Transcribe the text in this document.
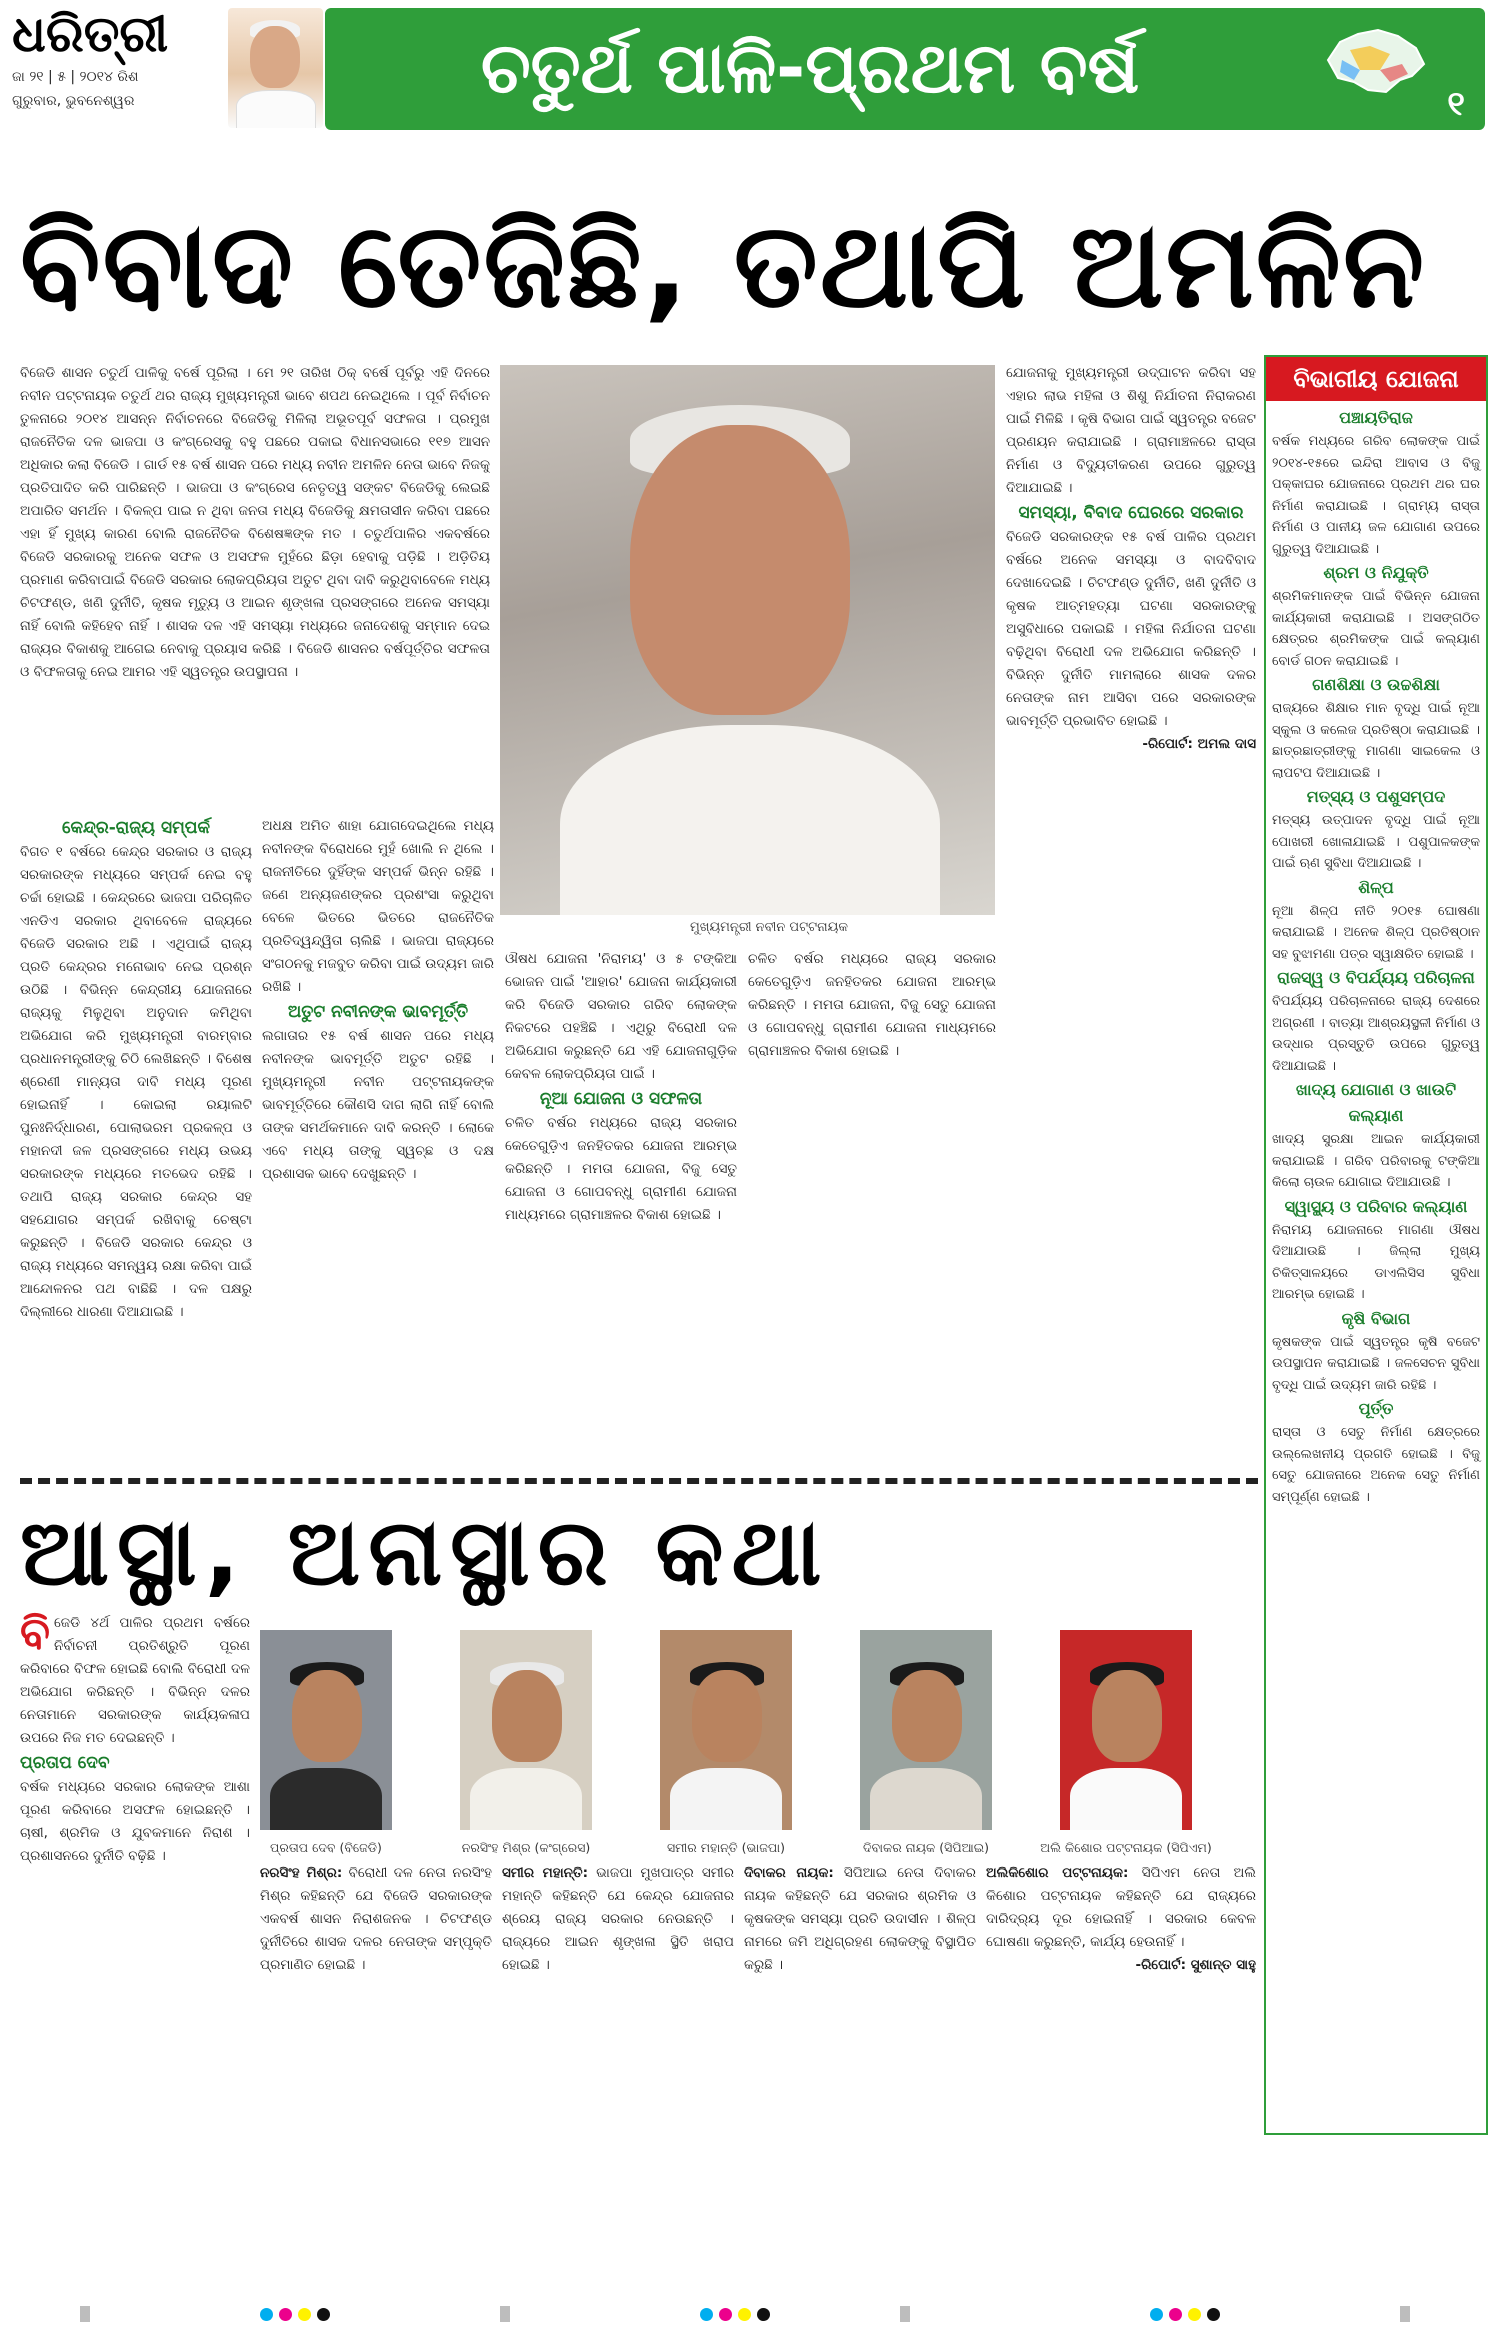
ଧରିତ୍ରୀ
ଜା ୨୧ | ୫ | ୨୦୧୪ ରିଶ
ଗୁରୁବାର, ଭୁବନେଶ୍ୱର	ଚତୁର୍ଥ ପାଳି-ପ୍ରଥମ ବର୍ଷ	୧
ବିବାଦ ତେଜିଛି, ତଥାପି ଅମଳିନ
ବିଜେଡି ଶାସନ ଚତୁର୍ଥ ପାଳିକୁ ବର୍ଷେ ପୂରିଲା । ମେ ୨୧ ତାରିଖ ଠିକ୍ ବର୍ଷେ ପୂର୍ବରୁ ଏହି ଦିନରେ ନବୀନ ପଟ୍ଟନାୟକ ଚତୁର୍ଥ ଥର ରାଜ୍ୟ ମୁଖ୍ୟମନ୍ତ୍ରୀ ଭାବେ ଶପଥ ନେଇଥିଲେ । ପୂର୍ବ ନିର୍ବାଚନ ତୁଳନାରେ ୨୦୧୪ ଆସନ୍ନ ନିର୍ବାଚନରେ ବିଜେଡିକୁ ମିଳିଲା ଅଭୂତପୂର୍ବ ସଫଳତା । ପ୍ରମୁଖ ରାଜନୈତିକ ଦଳ ଭାଜପା ଓ କଂଗ୍ରେସକୁ ବହୁ ପଛରେ ପକାଇ ବିଧାନସଭାରେ ୧୧୭ ଆସନ ଅଧିକାର କଲା ବିଜେଡି । ଗାର୍ଡ ୧୫ ବର୍ଷ ଶାସନ ପରେ ମଧ୍ୟ ନବୀନ ଅମଳିନ ନେତା ଭାବେ ନିଜକୁ ପ୍ରତିପାଦିତ କରି ପାରିଛନ୍ତି । ଭାଜପା ଓ କଂଗ୍ରେସ ନେତୃତ୍ୱ ସଙ୍କଟ ବିଜେଡିକୁ ଲେଇଛି ଅପାରିତ ସମର୍ଥନ । ବିକଳ୍ପ ପାଇ ନ ଥିବା ଜନତା ମଧ୍ୟ ବିଜେଡିକୁ କ୍ଷମତାସୀନ କରିବା ପଛରେ ଏହା ହିଁ ମୁଖ୍ୟ କାରଣ ବୋଲି ରାଜନୈତିକ ବିଶେଷଜ୍ଞଙ୍କ ମତ । ଚତୁର୍ଥପାଳିର ଏକବର୍ଷରେ ବିଜେଡି ସରକାରକୁ ଅନେକ ସଫଳ ଓ ଅସଫଳ ମୁହଁରେ ଛିଡ଼ା ହେବାକୁ ପଡ଼ିଛି । ଅଡ଼ିତିୟ ପ୍ରମାଣ କରିବାପାଇଁ ବିଜେଡି ସରକାର ଲୋକପ୍ରିୟତା ଅତୁଟ ଥିବା ଦାବି କରୁଥିବାବେଳେ ମଧ୍ୟ ଚିଟଫଣ୍ଡ, ଖଣି ଦୁର୍ନୀତି, କୃଷକ ମୃତ୍ୟୁ ଓ ଆଇନ ଶୃଙ୍ଖଳା ପ୍ରସଙ୍ଗରେ ଅନେକ ସମସ୍ୟା ନାହିଁ ବୋଲି କହିହେବ ନାହିଁ । ଶାସକ ଦଳ ଏହି ସମସ୍ୟା ମଧ୍ୟରେ ଜନାଦେଶକୁ ସମ୍ମାନ ଦେଇ ରାଜ୍ୟର ବିକାଶକୁ ଆଗେଇ ନେବାକୁ ପ୍ରୟାସ କରିଛି । ବିଜେଡି ଶାସନର ବର୍ଷପୂର୍ତ୍ତିର ସଫଳତା ଓ ବିଫଳତାକୁ ନେଇ ଆମର ଏହି ସ୍ୱତନ୍ତ୍ର ଉପସ୍ଥାପନା ।
ମୁଖ୍ୟମନ୍ତ୍ରୀ ନବୀନ ପଟ୍ଟନାୟକ
କେନ୍ଦ୍ର-ରାଜ୍ୟ ସମ୍ପର୍କ
ବିଗତ ୧ ବର୍ଷରେ କେନ୍ଦ୍ର ସରକାର ଓ ରାଜ୍ୟ ସରକାରଙ୍କ ମଧ୍ୟରେ ସମ୍ପର୍କ ନେଇ ବହୁ ଚର୍ଚ୍ଚା ହୋଇଛି । କେନ୍ଦ୍ରରେ ଭାଜପା ପରିଚାଳିତ ଏନଡିଏ ସରକାର ଥିବାବେଳେ ରାଜ୍ୟରେ ବିଜେଡି ସରକାର ଅଛି । ଏଥିପାଇଁ ରାଜ୍ୟ ପ୍ରତି କେନ୍ଦ୍ରର ମନୋଭାବ ନେଇ ପ୍ରଶ୍ନ ଉଠିଛି । ବିଭିନ୍ନ କେନ୍ଦ୍ରୀୟ ଯୋଜନାରେ ରାଜ୍ୟକୁ ମିଳୁଥିବା ଅନୁଦାନ କମିଥିବା ଅଭିଯୋଗ କରି ମୁଖ୍ୟମନ୍ତ୍ରୀ ବାରମ୍ବାର ପ୍ରଧାନମନ୍ତ୍ରୀଙ୍କୁ ଚିଠି ଲେଖିଛନ୍ତି । ବିଶେଷ ଶ୍ରେଣୀ ମାନ୍ୟତା ଦାବି ମଧ୍ୟ ପୂରଣ ହୋଇନାହିଁ । କୋଇଲା ରୟାଲଟି ପୁନଃନିର୍ଦ୍ଧାରଣ, ପୋଲାଭରମ ପ୍ରକଳ୍ପ ଓ ମହାନଦୀ ଜଳ ପ୍ରସଙ୍ଗରେ ମଧ୍ୟ ଉଭୟ ସରକାରଙ୍କ ମଧ୍ୟରେ ମତଭେଦ ରହିଛି । ତଥାପି ରାଜ୍ୟ ସରକାର କେନ୍ଦ୍ର ସହ ସହଯୋଗର ସମ୍ପର୍କ ରଖିବାକୁ ଚେଷ୍ଟା କରୁଛନ୍ତି । ବିଜେଡି ସରକାର କେନ୍ଦ୍ର ଓ ରାଜ୍ୟ ମଧ୍ୟରେ ସମନ୍ୱୟ ରକ୍ଷା କରିବା ପାଇଁ ଆନ୍ଦୋଳନର ପଥ ବାଛିଛି । ଦଳ ପକ୍ଷରୁ ଦିଲ୍ଲୀରେ ଧାରଣା ଦିଆଯାଇଛି ।
ଅଧକ୍ଷ ଅମିତ ଶାହା ଯୋଗଦେଇଥିଲେ ମଧ୍ୟ ନବୀନଙ୍କ ବିରୋଧରେ ମୁହଁ ଖୋଲି ନ ଥିଲେ । ରାଜନୀତିରେ ଦୁହିଁଙ୍କ ସମ୍ପର୍କ ଭିନ୍ନ ରହିଛି । ଜଣେ ଅନ୍ୟଜଣଙ୍କର ପ୍ରଶଂସା କରୁଥିବା ବେଳେ ଭିତରେ ଭିତରେ ରାଜନୈତିକ ପ୍ରତିଦ୍ୱନ୍ଦ୍ୱିତା ଚାଲିଛି । ଭାଜପା ରାଜ୍ୟରେ ସଂଗଠନକୁ ମଜବୁତ କରିବା ପାଇଁ ଉଦ୍ୟମ ଜାରି ରଖିଛି ।
ଅତୁଟ ନବୀନଙ୍କ ଭାବମୂର୍ତ୍ତି
ଲଗାତାର ୧୫ ବର୍ଷ ଶାସନ ପରେ ମଧ୍ୟ ନବୀନଙ୍କ ଭାବମୂର୍ତ୍ତି ଅତୁଟ ରହିଛି । ମୁଖ୍ୟମନ୍ତ୍ରୀ ନବୀନ ପଟ୍ଟନାୟକଙ୍କ ଭାବମୂର୍ତ୍ତିରେ କୌଣସି ଦାଗ ଲାଗି ନାହିଁ ବୋଲି ତାଙ୍କ ସମର୍ଥକମାନେ ଦାବି କରନ୍ତି । ଲୋକେ ଏବେ ମଧ୍ୟ ତାଙ୍କୁ ସ୍ୱଚ୍ଛ ଓ ଦକ୍ଷ ପ୍ରଶାସକ ଭାବେ ଦେଖୁଛନ୍ତି ।
ଔଷଧ ଯୋଜନା 'ନିରାମୟ' ଓ ୫ ଟଙ୍କିଆ ଭୋଜନ ପାଇଁ 'ଆହାର' ଯୋଜନା କାର୍ଯ୍ୟକାରୀ କରି ବିଜେଡି ସରକାର ଗରିବ ଲୋକଙ୍କ ନିକଟରେ ପହଞ୍ଚିଛି । ଏଥିରୁ ବିରୋଧୀ ଦଳ ଅଭିଯୋଗ କରୁଛନ୍ତି ଯେ ଏହି ଯୋଜନାଗୁଡ଼ିକ କେବଳ ଲୋକପ୍ରିୟତା ପାଇଁ ।
ନୂଆ ଯୋଜନା ଓ ସଫଳତା
ଚଳିତ ବର୍ଷର ମଧ୍ୟରେ ରାଜ୍ୟ ସରକାର କେତେଗୁଡ଼ିଏ ଜନହିତକର ଯୋଜନା ଆରମ୍ଭ କରିଛନ୍ତି । ମମତା ଯୋଜନା, ବିଜୁ ସେତୁ ଯୋଜନା ଓ ଗୋପବନ୍ଧୁ ଗ୍ରାମୀଣ ଯୋଜନା ମାଧ୍ୟମରେ ଗ୍ରାମାଞ୍ଚଳର ବିକାଶ ହୋଇଛି ।
ଚଳିତ ବର୍ଷର ମଧ୍ୟରେ ରାଜ୍ୟ ସରକାର କେତେଗୁଡ଼ିଏ ଜନହିତକର ଯୋଜନା ଆରମ୍ଭ କରିଛନ୍ତି । ମମତା ଯୋଜନା, ବିଜୁ ସେତୁ ଯୋଜନା ଓ ଗୋପବନ୍ଧୁ ଗ୍ରାମୀଣ ଯୋଜନା ମାଧ୍ୟମରେ ଗ୍ରାମାଞ୍ଚଳର ବିକାଶ ହୋଇଛି ।
ଯୋଜନାକୁ ମୁଖ୍ୟମନ୍ତ୍ରୀ ଉଦ୍‌ଘାଟନ କରିବା ସହ ଏହାର ଲାଭ ମହିଳା ଓ ଶିଶୁ ନିର୍ଯାତନା ନିରାକରଣ ପାଇଁ ମିଳିଛି । କୃଷି ବିଭାଗ ପାଇଁ ସ୍ୱତନ୍ତ୍ର ବଜେଟ ପ୍ରଣୟନ କରାଯାଇଛି । ଗ୍ରାମାଞ୍ଚଳରେ ରାସ୍ତା ନିର୍ମାଣ ଓ ବିଦ୍ୟୁତୀକରଣ ଉପରେ ଗୁରୁତ୍ୱ ଦିଆଯାଇଛି ।
ସମସ୍ୟା, ବିବାଦ ଘେରରେ ସରକାର
ବିଜେଡି ସରକାରଙ୍କ ୧୫ ବର୍ଷ ପାଳିର ପ୍ରଥମ ବର୍ଷରେ ଅନେକ ସମସ୍ୟା ଓ ବାଦବିବାଦ ଦେଖାଦେଇଛି । ଚିଟଫଣ୍ଡ ଦୁର୍ନୀତି, ଖଣି ଦୁର୍ନୀତି ଓ କୃଷକ ଆତ୍ମହତ୍ୟା ଘଟଣା ସରକାରଙ୍କୁ ଅସୁବିଧାରେ ପକାଇଛି । ମହିଳା ନିର୍ଯାତନା ଘଟଣା ବଢ଼ିଥିବା ବିରୋଧୀ ଦଳ ଅଭିଯୋଗ କରିଛନ୍ତି । ବିଭିନ୍ନ ଦୁର୍ନୀତି ମାମଲାରେ ଶାସକ ଦଳର ନେତାଙ୍କ ନାମ ଆସିବା ପରେ ସରକାରଙ୍କ ଭାବମୂର୍ତ୍ତି ପ୍ରଭାବିତ ହୋଇଛି ।
-ରିପୋର୍ଟ: ଅମଲ ଦାସ
ବିଭାଗୀୟ ଯୋଜନା
ପଞ୍ଚାୟତିରାଜ
ବର୍ଷକ ମଧ୍ୟରେ ଗରିବ ଲୋକଙ୍କ ପାଇଁ ୨୦୧୪-୧୫ରେ ଇନ୍ଦିରା ଆବାସ ଓ ବିଜୁ ପକ୍କାଘର ଯୋଜନାରେ ପ୍ରଥମ ଥର ଘର ନିର୍ମାଣ କରାଯାଇଛି । ଗ୍ରାମ୍ୟ ରାସ୍ତା ନିର୍ମାଣ ଓ ପାନୀୟ ଜଳ ଯୋଗାଣ ଉପରେ ଗୁରୁତ୍ୱ ଦିଆଯାଇଛି ।
ଶ୍ରମ ଓ ନିଯୁକ୍ତି
ଶ୍ରମିକମାନଙ୍କ ପାଇଁ ବିଭିନ୍ନ ଯୋଜନା କାର୍ଯ୍ୟକାରୀ କରାଯାଇଛି । ଅସଙ୍ଗଠିତ କ୍ଷେତ୍ରର ଶ୍ରମିକଙ୍କ ପାଇଁ କଲ୍ୟାଣ ବୋର୍ଡ ଗଠନ କରାଯାଇଛି ।
ଗଣଶିକ୍ଷା ଓ ଉଚ୍ଚଶିକ୍ଷା
ରାଜ୍ୟରେ ଶିକ୍ଷାର ମାନ ବୃଦ୍ଧି ପାଇଁ ନୂଆ ସ୍କୁଲ ଓ କଲେଜ ପ୍ରତିଷ୍ଠା କରାଯାଇଛି । ଛାତ୍ରଛାତ୍ରୀଙ୍କୁ ମାଗଣା ସାଇକେଲ ଓ ଲାପଟପ ଦିଆଯାଇଛି ।
ମତ୍ସ୍ୟ ଓ ପଶୁସମ୍ପଦ
ମତ୍ସ୍ୟ ଉତ୍ପାଦନ ବୃଦ୍ଧି ପାଇଁ ନୂଆ ପୋଖରୀ ଖୋଳାଯାଇଛି । ପଶୁପାଳକଙ୍କ ପାଇଁ ଋଣ ସୁବିଧା ଦିଆଯାଇଛି ।
ଶିଳ୍ପ
ନୂଆ ଶିଳ୍ପ ନୀତି ୨୦୧୫ ଘୋଷଣା କରାଯାଇଛି । ଅନେକ ଶିଳ୍ପ ପ୍ରତିଷ୍ଠାନ ସହ ବୁଝାମଣା ପତ୍ର ସ୍ୱାକ୍ଷରିତ ହୋଇଛି ।
ରାଜସ୍ୱ ଓ ବିପର୍ଯ୍ୟୟ ପରିଚାଳନା
ବିପର୍ଯ୍ୟୟ ପରିଚାଳନାରେ ରାଜ୍ୟ ଦେଶରେ ଅଗ୍ରଣୀ । ବାତ୍ୟା ଆଶ୍ରୟସ୍ଥଳୀ ନିର୍ମାଣ ଓ ଉଦ୍ଧାର ପ୍ରସ୍ତୁତି ଉପରେ ଗୁରୁତ୍ୱ ଦିଆଯାଇଛି ।
ଖାଦ୍ୟ ଯୋଗାଣ ଓ ଖାଉଟି କଲ୍ୟାଣ
ଖାଦ୍ୟ ସୁରକ୍ଷା ଆଇନ କାର୍ଯ୍ୟକାରୀ କରାଯାଇଛି । ଗରିବ ପରିବାରକୁ ଟଙ୍କିଆ କିଲୋ ଚାଉଳ ଯୋଗାଇ ଦିଆଯାଉଛି ।
ସ୍ୱାସ୍ଥ୍ୟ ଓ ପରିବାର କଲ୍ୟାଣ
ନିରାମୟ ଯୋଜନାରେ ମାଗଣା ଔଷଧ ଦିଆଯାଉଛି । ଜିଲ୍ଲା ମୁଖ୍ୟ ଚିକିତ୍ସାଳୟରେ ଡାଏଲିସିସ ସୁବିଧା ଆରମ୍ଭ ହୋଇଛି ।
କୃଷି ବିଭାଗ
କୃଷକଙ୍କ ପାଇଁ ସ୍ୱତନ୍ତ୍ର କୃଷି ବଜେଟ ଉପସ୍ଥାପନ କରାଯାଇଛି । ଜଳସେଚନ ସୁବିଧା ବୃଦ୍ଧି ପାଇଁ ଉଦ୍ୟମ ଜାରି ରହିଛି ।
ପୂର୍ତ୍ତ
ରାସ୍ତା ଓ ସେତୁ ନିର୍ମାଣ କ୍ଷେତ୍ରରେ ଉଲ୍ଲେଖନୀୟ ପ୍ରଗତି ହୋଇଛି । ବିଜୁ ସେତୁ ଯୋଜନାରେ ଅନେକ ସେତୁ ନିର୍ମାଣ ସମ୍ପୂର୍ଣ୍ଣ ହୋଇଛି ।
ଆସ୍ଥା, ଅନାସ୍ଥାର କଥା
ବି ଜେଡି ୪ର୍ଥ ପାଳିର ପ୍ରଥମ ବର୍ଷରେ ନିର୍ବାଚନୀ ପ୍ରତିଶ୍ରୁତି ପୂରଣ କରିବାରେ ବିଫଳ ହୋଇଛି ବୋଲି ବିରୋଧୀ ଦଳ ଅଭିଯୋଗ କରିଛନ୍ତି । ବିଭିନ୍ନ ଦଳର ନେତାମାନେ ସରକାରଙ୍କ କାର୍ଯ୍ୟକଳାପ ଉପରେ ନିଜ ମତ ଦେଇଛନ୍ତି ।
ପ୍ରତାପ ଦେବ
ବର୍ଷକ ମଧ୍ୟରେ ସରକାର ଲୋକଙ୍କ ଆଶା ପୂରଣ କରିବାରେ ଅସଫଳ ହୋଇଛନ୍ତି । ଚାଷୀ, ଶ୍ରମିକ ଓ ଯୁବକମାନେ ନିରାଶ । ପ୍ରଶାସନରେ ଦୁର୍ନୀତି ବଢ଼ିଛି ।
ପ୍ରତାପ ଦେବ (ବିଜେଡି)	ନରସିଂହ ମିଶ୍ର (କଂଗ୍ରେସ)	ସମୀର ମହାନ୍ତି (ଭାଜପା)	ଦିବାକର ନାୟକ (ସିପିଆଇ)	ଅଲି କିଶୋର ପଟ୍ଟନାୟକ (ସିପିଏମ)
ନରସିଂହ ମିଶ୍ର: ବିରୋଧୀ ଦଳ ନେତା ନରସିଂହ ମିଶ୍ର କହିଛନ୍ତି ଯେ ବିଜେଡି ସରକାରଙ୍କ ଏକବର୍ଷ ଶାସନ ନିରାଶଜନକ । ଚିଟଫଣ୍ଡ ଦୁର୍ନୀତିରେ ଶାସକ ଦଳର ନେତାଙ୍କ ସମ୍ପୃକ୍ତି ପ୍ରମାଣିତ ହୋଇଛି ।
ସମୀର ମହାନ୍ତି: ଭାଜପା ମୁଖପାତ୍ର ସମୀର ମହାନ୍ତି କହିଛନ୍ତି ଯେ କେନ୍ଦ୍ର ଯୋଜନାର ଶ୍ରେୟ ରାଜ୍ୟ ସରକାର ନେଉଛନ୍ତି । ରାଜ୍ୟରେ ଆଇନ ଶୃଙ୍ଖଳା ସ୍ଥିତି ଖରାପ ହୋଇଛି ।
ଦିବାକର ନାୟକ: ସିପିଆଇ ନେତା ଦିବାକର ନାୟକ କହିଛନ୍ତି ଯେ ସରକାର ଶ୍ରମିକ ଓ କୃଷକଙ୍କ ସମସ୍ୟା ପ୍ରତି ଉଦାସୀନ । ଶିଳ୍ପ ନାମରେ ଜମି ଅଧିଗ୍ରହଣ ଲୋକଙ୍କୁ ବିସ୍ଥାପିତ କରୁଛି ।
ଅଲିକିଶୋର ପଟ୍ଟନାୟକ: ସିପିଏମ ନେତା ଅଲି କିଶୋର ପଟ୍ଟନାୟକ କହିଛନ୍ତି ଯେ ରାଜ୍ୟରେ ଦାରିଦ୍ର୍ୟ ଦୂର ହୋଇନାହିଁ । ସରକାର କେବଳ ଘୋଷଣା କରୁଛନ୍ତି, କାର୍ଯ୍ୟ ହେଉନାହିଁ ।
-ରିପୋର୍ଟ: ସୁଶାନ୍ତ ସାହୁ
